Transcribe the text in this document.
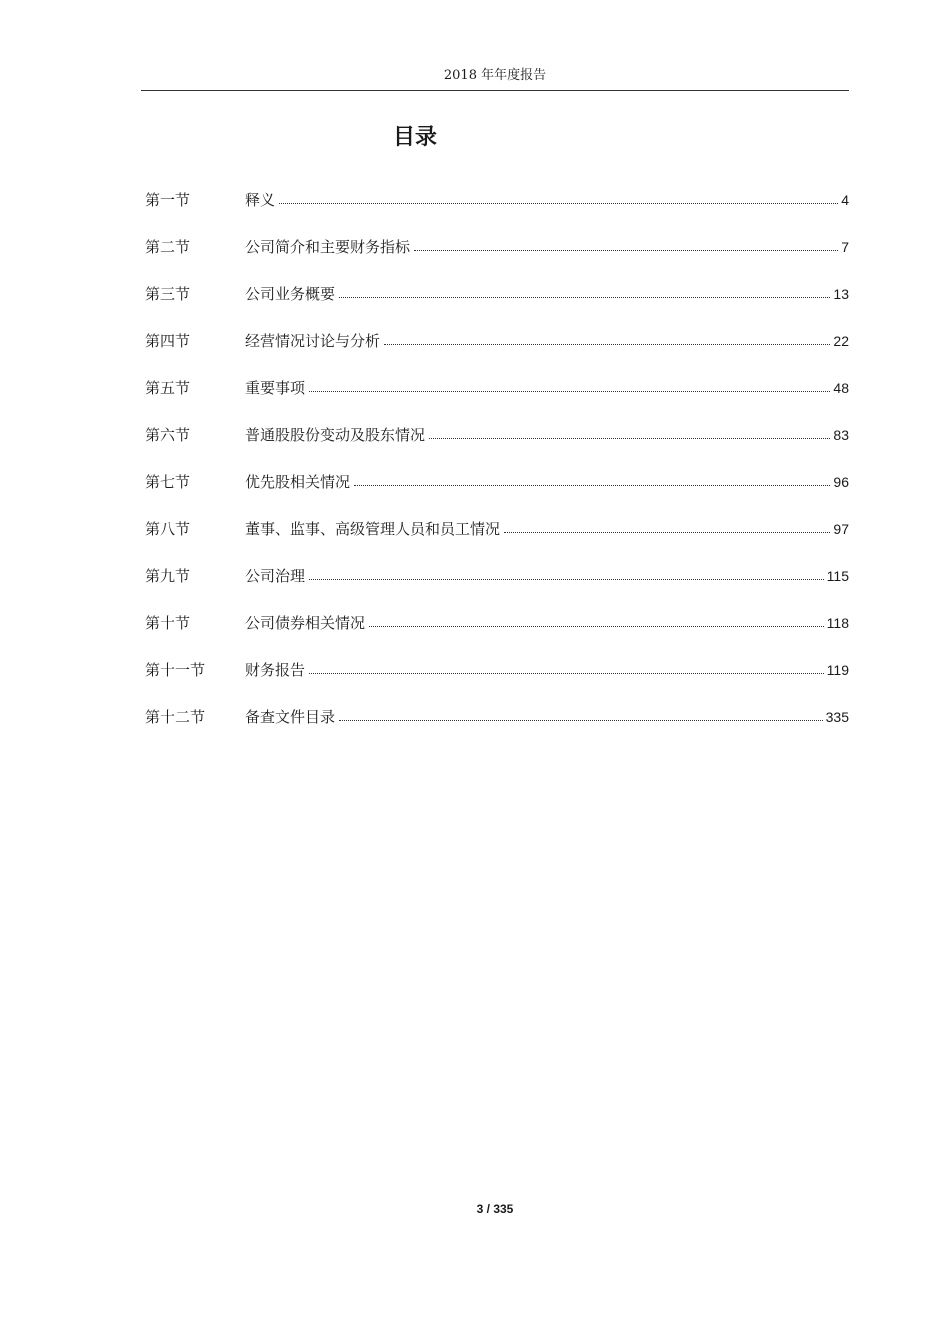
2018 年年度报告
目录
第一节	释义	4
第二节	公司简介和主要财务指标	7
第三节	公司业务概要	13
第四节	经营情况讨论与分析	22
第五节	重要事项	48
第六节	普通股股份变动及股东情况	83
第七节	优先股相关情况	96
第八节	董事、监事、高级管理人员和员工情况	97
第九节	公司治理	115
第十节	公司债券相关情况	118
第十一节	财务报告	119
第十二节	备查文件目录	335
3 / 335
